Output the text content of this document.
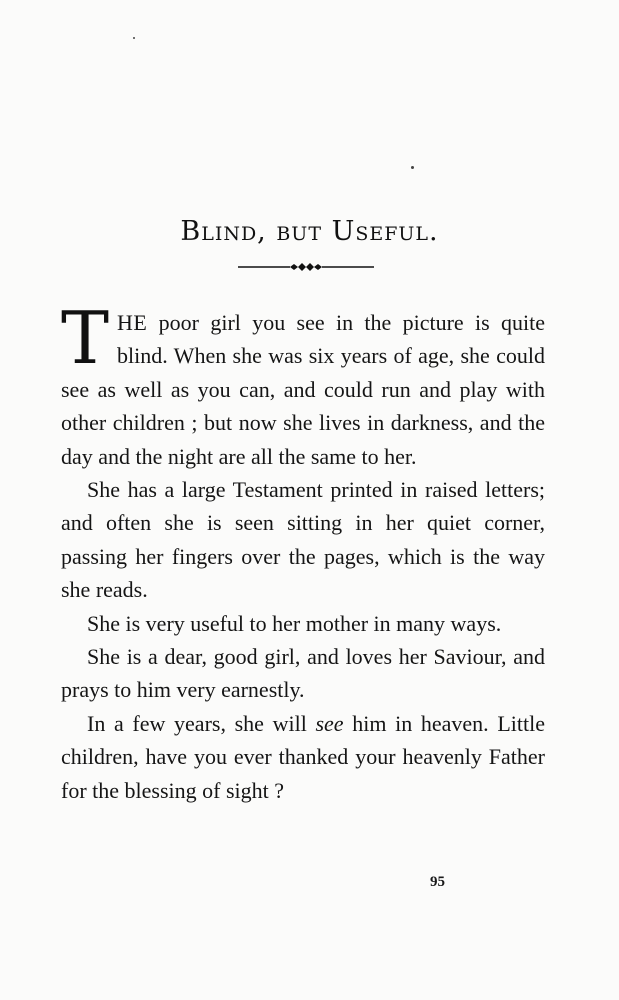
Blind, but Useful.

THE poor girl you see in the picture is quite blind. When she was six years of age, she could see as well as you can, and could run and play with other children ; but now she lives in darkness, and the day and the night are all the same to her.

She has a large Testament printed in raised letters; and often she is seen sitting in her quiet corner, passing her fingers over the pages, which is the way she reads.

She is very useful to her mother in many ways.

She is a dear, good girl, and loves her Saviour, and prays to him very earnestly.

In a few years, she will see him in heaven. Little children, have you ever thanked your heavenly Father for the blessing of sight ?

95
